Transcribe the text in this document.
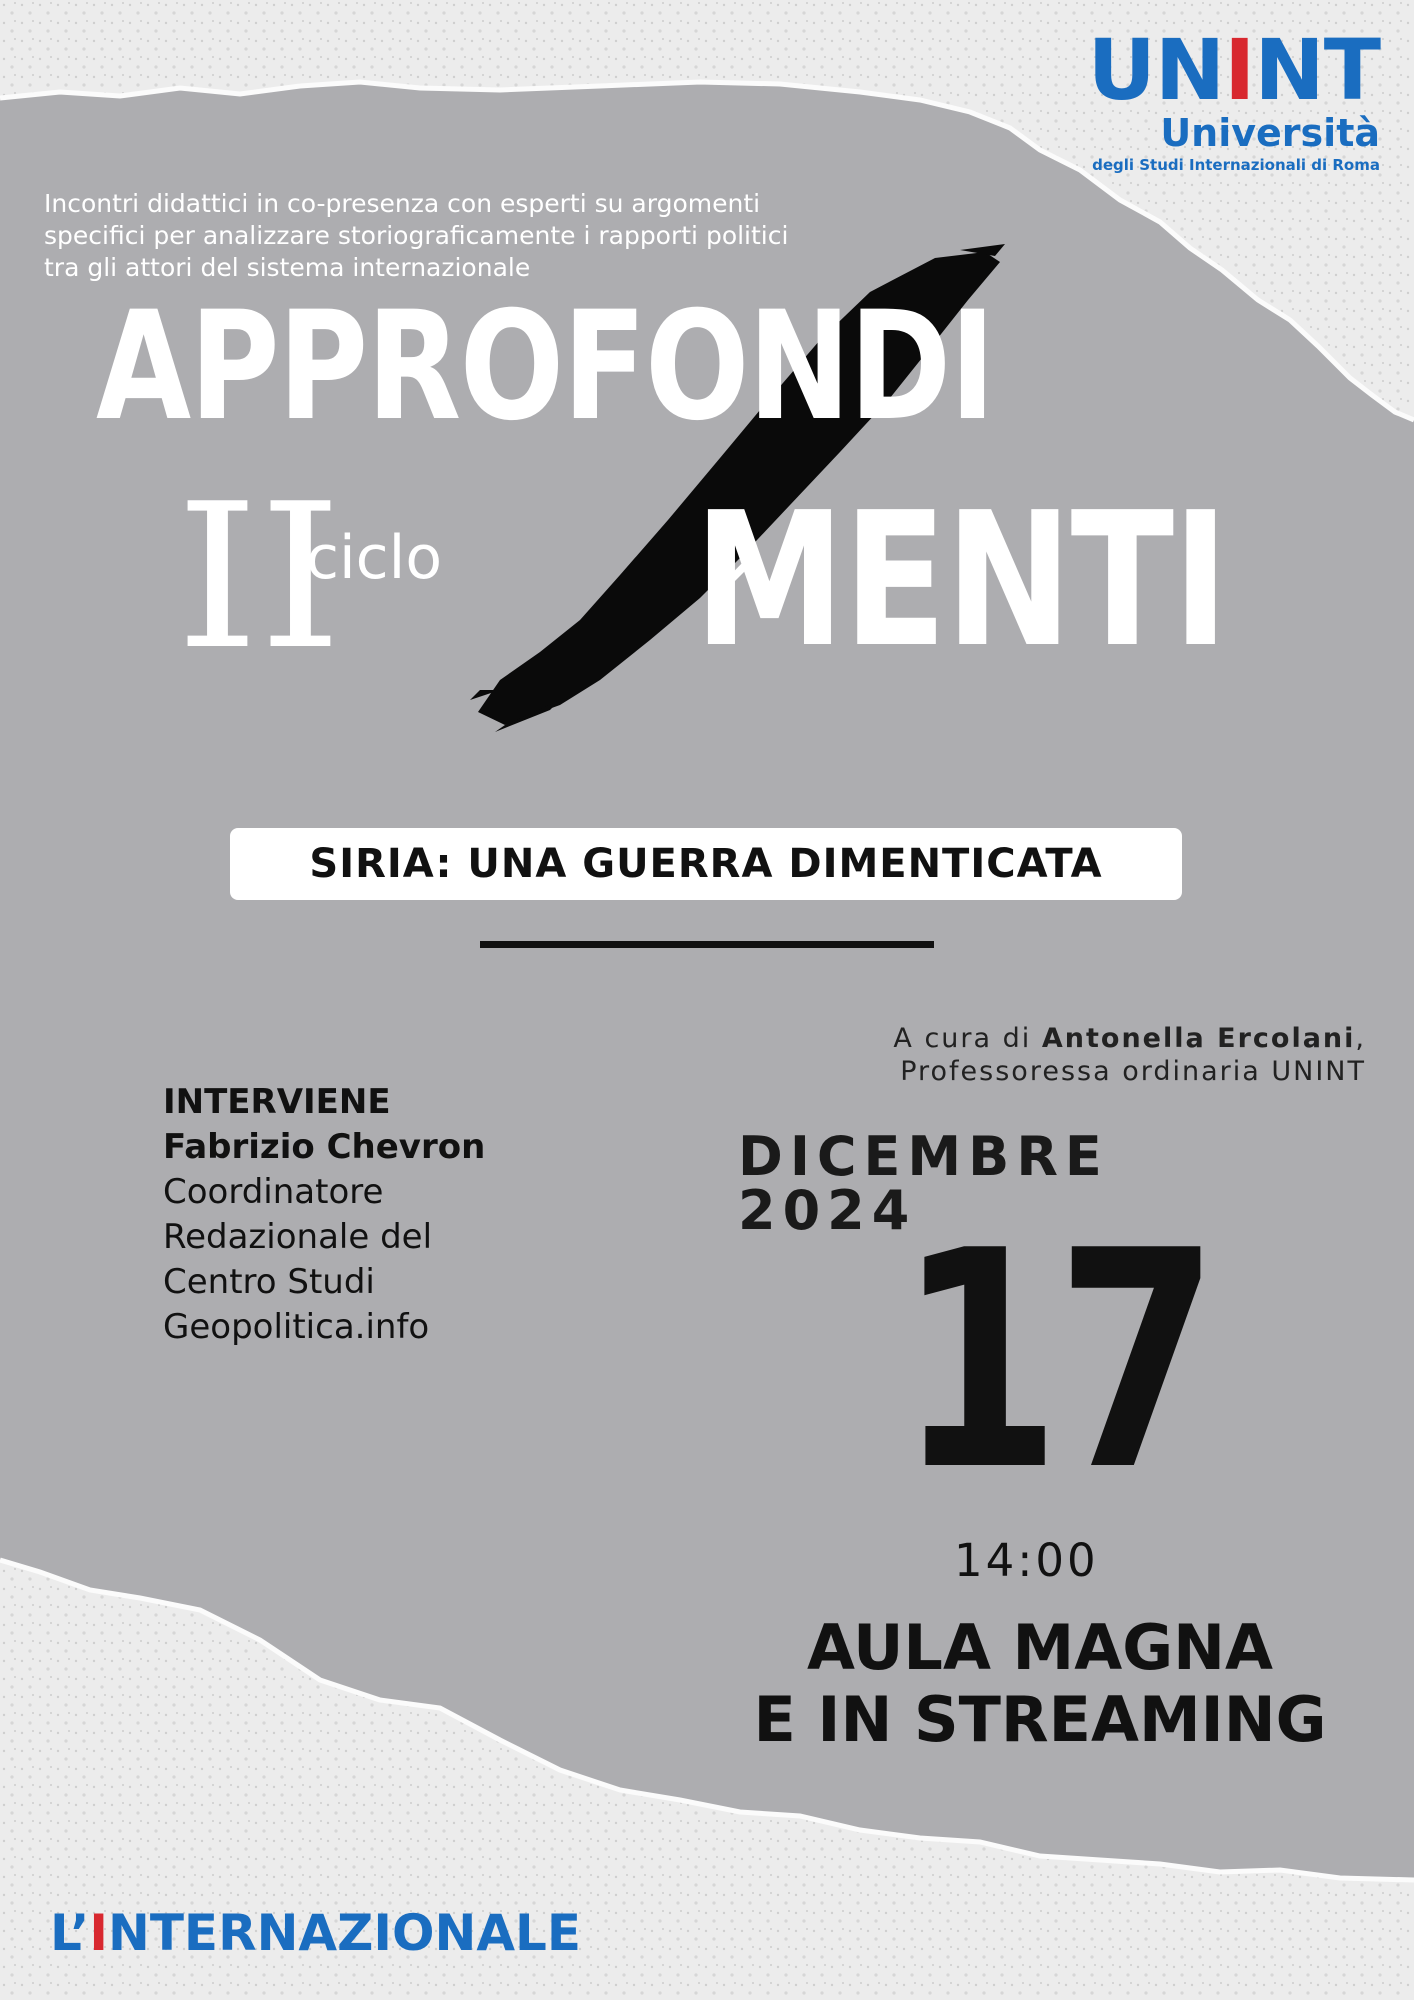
UNINT
Università
degli Studi Internazionali di Roma

Incontri didattici in co-presenza con esperti su argomenti specifici per analizzare storiograficamente i rapporti politici tra gli attori del sistema internazionale

APPROFONDI
II
ciclo MENTI
SIRIA: UNA GUERRA DIMENTICATA
A cura di Antonella Ercolani,
Professoressa ordinaria UNINT
INTERVIENE
Fabrizio Chevron
Coordinatore
Redazionale del
Centro Studi
Geopolitica.info
DICEMBRE 2024
17
14:00
AULA MAGNA
E IN STREAMING
L’INTERNAZIONALE
